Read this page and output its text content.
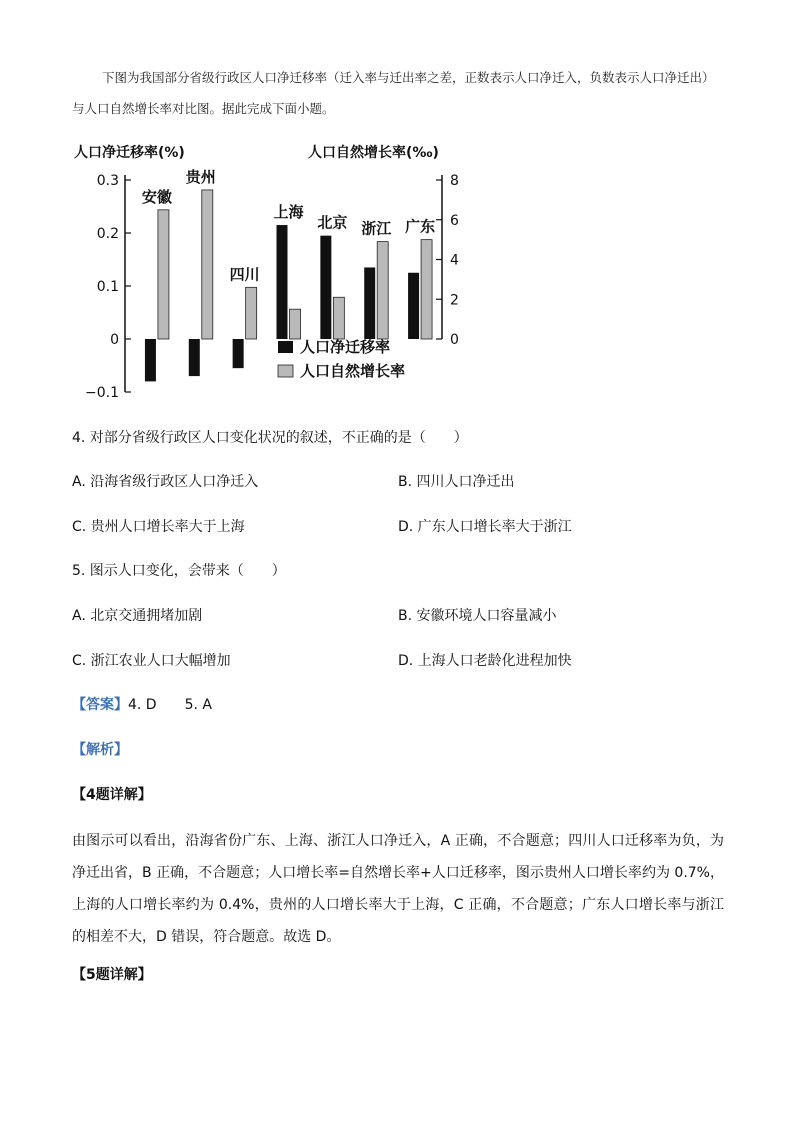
下图为我国部分省级行政区人口净迁移率（迁入率与迁出率之差，正数表示人口净迁入，负数表示人口净迁出）与人口自然增长率对比图。据此完成下面小题。
人口净迁移率(%)	人口自然增长率(‰)
0.3
0.2
0.1
0
−0.1
8
6
4
2
0
安徽
贵州
四川
上海
北京 浙江 广东
人口净迁移率
人口自然增长率
4. 对部分省级行政区人口变化状况的叙述，不正确的是（　　）
A. 沿海省级行政区人口净迁入	B. 四川人口净迁出
C. 贵州人口增长率大于上海	D. 广东人口增长率大于浙江
5. 图示人口变化，会带来（　　）
A. 北京交通拥堵加剧	B. 安徽环境人口容量减小
C. 浙江农业人口大幅增加	D. 上海人口老龄化进程加快
【答案】4. D　　5. A
【解析】
【4题详解】
由图示可以看出，沿海省份广东、上海、浙江人口净迁入，A 正确，不合题意；四川人口迁移率为负，为净迁出省，B 正确，不合题意；人口增长率=自然增长率+人口迁移率，图示贵州人口增长率约为 0.7%，上海的人口增长率约为 0.4%，贵州的人口增长率大于上海，C 正确，不合题意；广东人口增长率与浙江的相差不大，D 错误，符合题意。故选 D。
【5题详解】
